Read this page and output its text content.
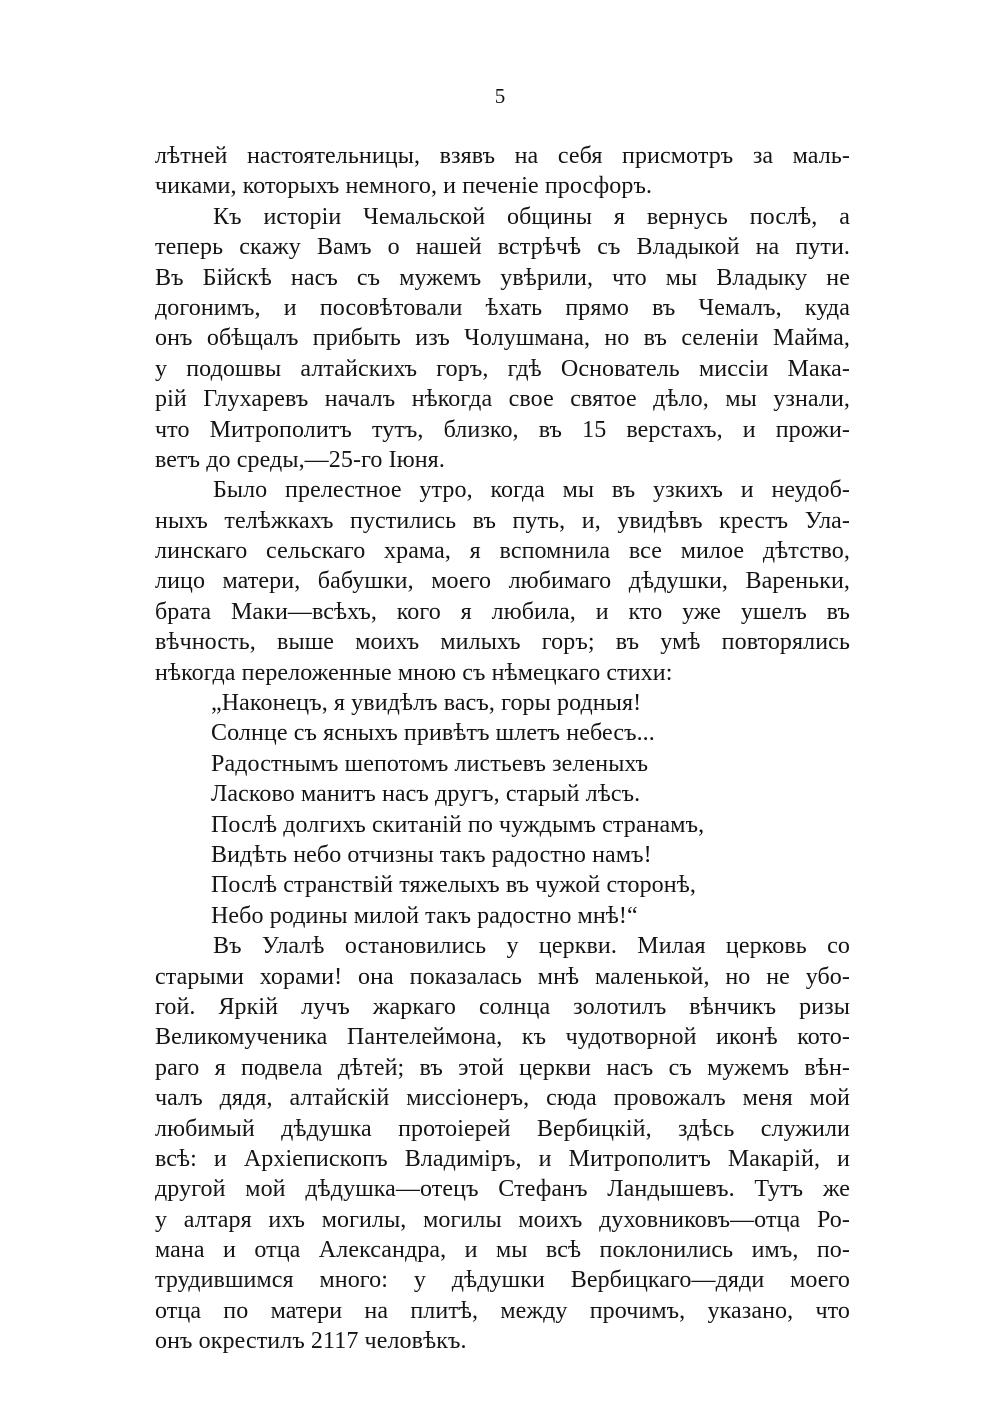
5
лѣтней настоятельницы, взявъ на себя присмотръ за маль-
чиками, которыхъ немного, и печеніе просфоръ.
Къ исторіи Чемальской общины я вернусь послѣ, а
теперь скажу Вамъ о нашей встрѣчѣ съ Владыкой на пути.
Въ Бійскѣ насъ съ мужемъ увѣрили, что мы Владыку не
догонимъ, и посовѣтовали ѣхать прямо въ Чемалъ, куда
онъ обѣщалъ прибыть изъ Чолушмана, но въ селеніи Майма,
у подошвы алтайскихъ горъ, гдѣ Основатель миссіи Мака-
рій Глухаревъ началъ нѣкогда свое святое дѣло, мы узнали,
что Митрополитъ тутъ, близко, въ 15 верстахъ, и прожи-
ветъ до среды,—25-го Іюня.
Было прелестное утро, когда мы въ узкихъ и неудоб-
ныхъ телѣжкахъ пустились въ путь, и, увидѣвъ крестъ Ула-
линскаго сельскаго храма, я вспомнила все милое дѣтство,
лицо матери, бабушки, моего любимаго дѣдушки, Вареньки,
брата Маки—всѣхъ, кого я любила, и кто уже ушелъ въ
вѣчность, выше моихъ милыхъ горъ; въ умѣ повторялись
нѣкогда переложенные мною съ нѣмецкаго стихи:
„Наконецъ, я увидѣлъ васъ, горы родныя!
Солнце съ ясныхъ привѣтъ шлетъ небесъ...
Радостнымъ шепотомъ листьевъ зеленыхъ
Ласково манитъ насъ другъ, старый лѣсъ.
Послѣ долгихъ скитаній по чуждымъ странамъ,
Видѣть небо отчизны такъ радостно намъ!
Послѣ странствій тяжелыхъ въ чужой сторонѣ,
Небо родины милой такъ радостно мнѣ!“
Въ Улалѣ остановились у церкви. Милая церковь со
старыми хорами! она показалась мнѣ маленькой, но не убо-
гой. Яркій лучъ жаркаго солнца золотилъ вѣнчикъ ризы
Великомученика Пантелеймона, къ чудотворной иконѣ кото-
раго я подвела дѣтей; въ этой церкви насъ съ мужемъ вѣн-
чалъ дядя, алтайскій миссіонеръ, сюда провожалъ меня мой
любимый дѣдушка протоіерей Вербицкій, здѣсь служили
всѣ: и Архіепископъ Владиміръ, и Митрополитъ Макарій, и
другой мой дѣдушка—отецъ Стефанъ Ландышевъ. Тутъ же
у алтаря ихъ могилы, могилы моихъ духовниковъ—отца Ро-
мана и отца Александра, и мы всѣ поклонились имъ, по-
трудившимся много: у дѣдушки Вербицкаго—дяди моего
отца по матери на плитѣ, между прочимъ, указано, что
онъ окрестилъ 2117 человѣкъ.
